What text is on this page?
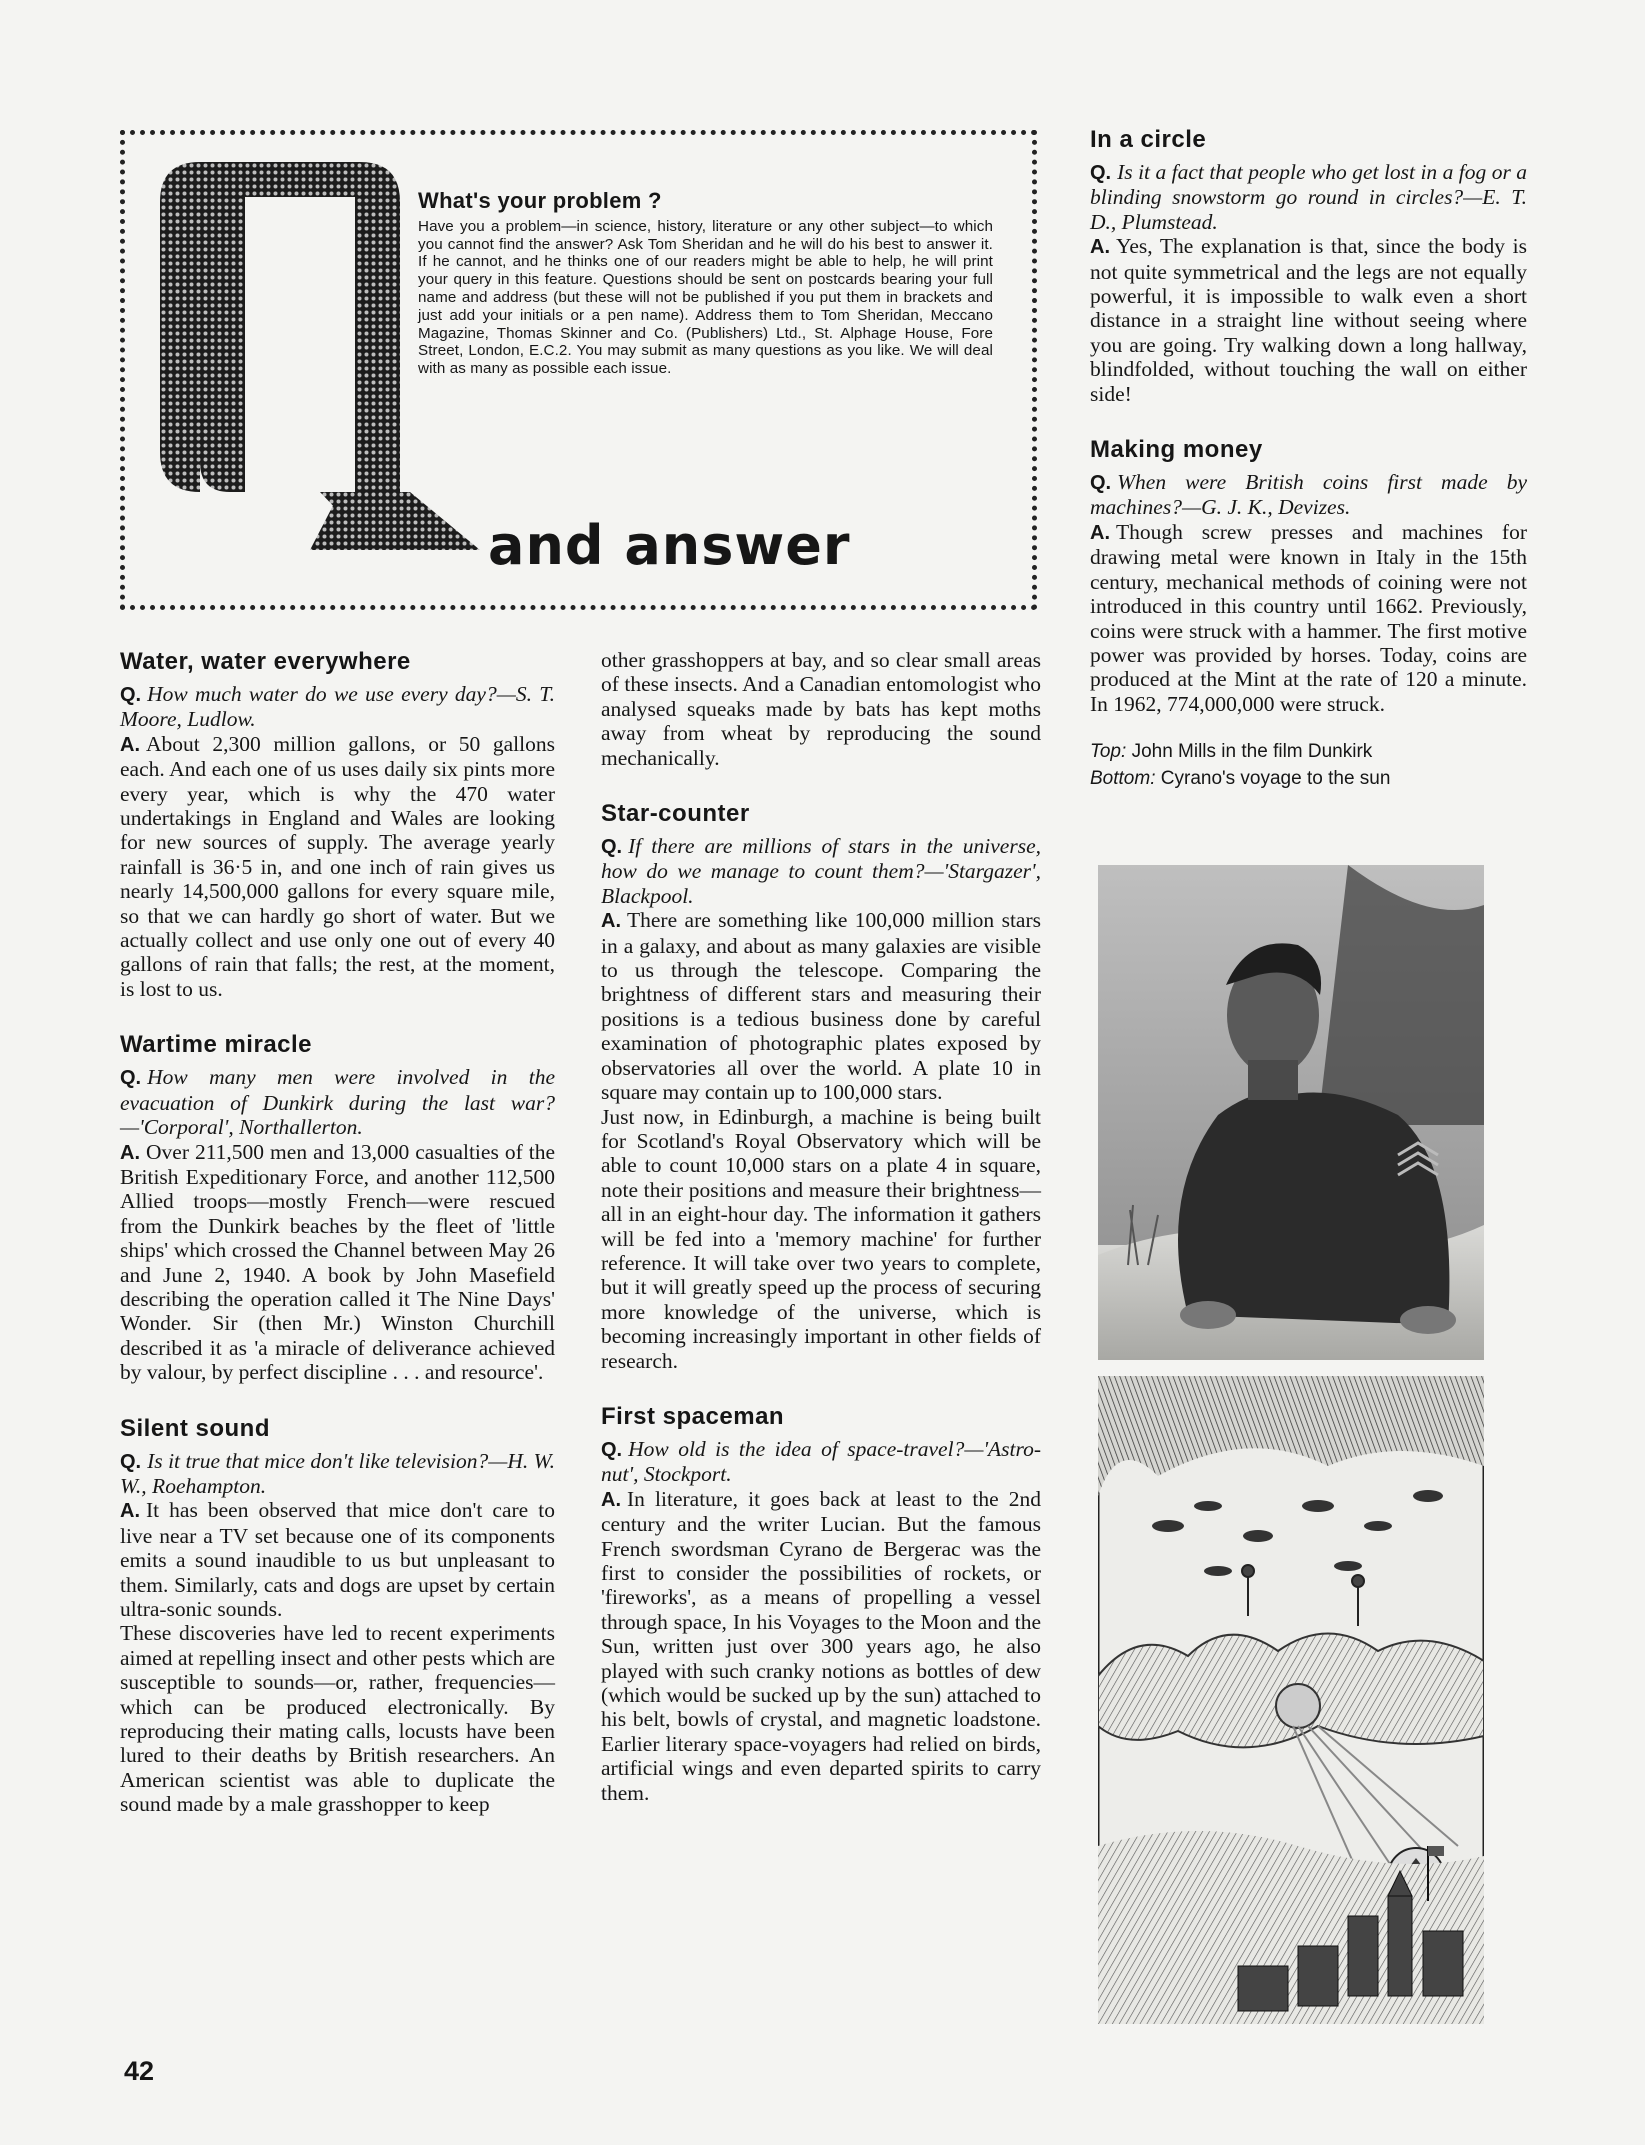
What's your problem ?

Have you a problem—in science, history, literature or any other subject—to which you cannot find the answer? Ask Tom Sheridan and he will do his best to answer it. If he cannot, and he thinks one of our readers might be able to help, he will print your query in this feature. Questions should be sent on postcards bearing your full name and address (but these will not be published if you put them in brackets and just add your initials or a pen name). Address them to Tom Sheridan, Meccano Magazine, Thomas Skinner and Co. (Publishers) Ltd., St. Alphage House, Fore Street, London, E.C.2. You may submit as many questions as you like. We will deal with as many as possible each issue.

and answer
Water, water everywhere

Q. How much water do we use every day?—S. T. Moore, Ludlow.

A. About 2,300 million gallons, or 50 gallons each. And each one of us uses daily six pints more every year, which is why the 470 water undertakings in England and Wales are looking for new sources of supply. The average yearly rainfall is 36·5 in, and one inch of rain gives us nearly 14,500,000 gallons for every square mile, so that we can hardly go short of water. But we actually collect and use only one out of every 40 gallons of rain that falls; the rest, at the moment, is lost to us.

Wartime miracle

Q. How many men were involved in the evacuation of Dunkirk during the last war?—'Corporal', Northallerton.

A. Over 211,500 men and 13,000 casualties of the British Expeditionary Force, and another 112,500 Allied troops—mostly French—were rescued from the Dunkirk beaches by the fleet of 'little ships' which crossed the Channel between May 26 and June 2, 1940. A book by John Masefield describing the operation called it The Nine Days' Wonder. Sir (then Mr.) Winston Churchill described it as 'a miracle of deliverance achieved by valour, by perfect discipline . . . and resource'.

Silent sound

Q. Is it true that mice don't like television?—H. W. W., Roehampton.

A. It has been observed that mice don't care to live near a TV set because one of its components emits a sound inaudible to us but unpleasant to them. Similarly, cats and dogs are upset by certain ultra-sonic sounds.

These discoveries have led to recent experiments aimed at repelling insect and other pests which are susceptible to sounds—or, rather, frequencies—which can be produced electronically. By reproducing their mating calls, locusts have been lured to their deaths by British researchers. An American scientist was able to duplicate the sound made by a male grasshopper to keep

other grasshoppers at bay, and so clear small areas of these insects. And a Canadian entomologist who analysed squeaks made by bats has kept moths away from wheat by reproducing the sound mechanically.

Star-counter

Q. If there are millions of stars in the universe, how do we manage to count them?—'Stargazer', Blackpool.

A. There are something like 100,000 million stars in a galaxy, and about as many galaxies are visible to us through the telescope. Comparing the brightness of different stars and measuring their positions is a tedious business done by careful examination of photographic plates exposed by observatories all over the world. A plate 10 in square may contain up to 100,000 stars.

Just now, in Edinburgh, a machine is being built for Scotland's Royal Observatory which will be able to count 10,000 stars on a plate 4 in square, note their positions and measure their brightness—all in an eight-hour day. The information it gathers will be fed into a 'memory machine' for further reference. It will take over two years to complete, but it will greatly speed up the process of securing more knowledge of the universe, which is becoming increasingly important in other fields of research.

First spaceman

Q. How old is the idea of space-travel?—'Astro-nut', Stockport.

A. In literature, it goes back at least to the 2nd century and the writer Lucian. But the famous French swordsman Cyrano de Bergerac was the first to consider the possibilities of rockets, or 'fireworks', as a means of propelling a vessel through space, In his Voyages to the Moon and the Sun, written just over 300 years ago, he also played with such cranky notions as bottles of dew (which would be sucked up by the sun) attached to his belt, bowls of crystal, and magnetic loadstone. Earlier literary space-voyagers had relied on birds, artificial wings and even departed spirits to carry them.

In a circle

Q. Is it a fact that people who get lost in a fog or a blinding snowstorm go round in circles?—E. T. D., Plumstead.

A. Yes, The explanation is that, since the body is not quite symmetrical and the legs are not equally powerful, it is impossible to walk even a short distance in a straight line without seeing where you are going. Try walking down a long hallway, blindfolded, without touching the wall on either side!

Making money

Q. When were British coins first made by machines?—G. J. K., Devizes.

A. Though screw presses and machines for drawing metal were known in Italy in the 15th century, mechanical methods of coining were not introduced in this country until 1662. Previously, coins were struck with a hammer. The first motive power was provided by horses. Today, coins are produced at the Mint at the rate of 120 a minute. In 1962, 774,000,000 were struck.

Top: John Mills in the film Dunkirk
Bottom: Cyrano's voyage to the sun
42
